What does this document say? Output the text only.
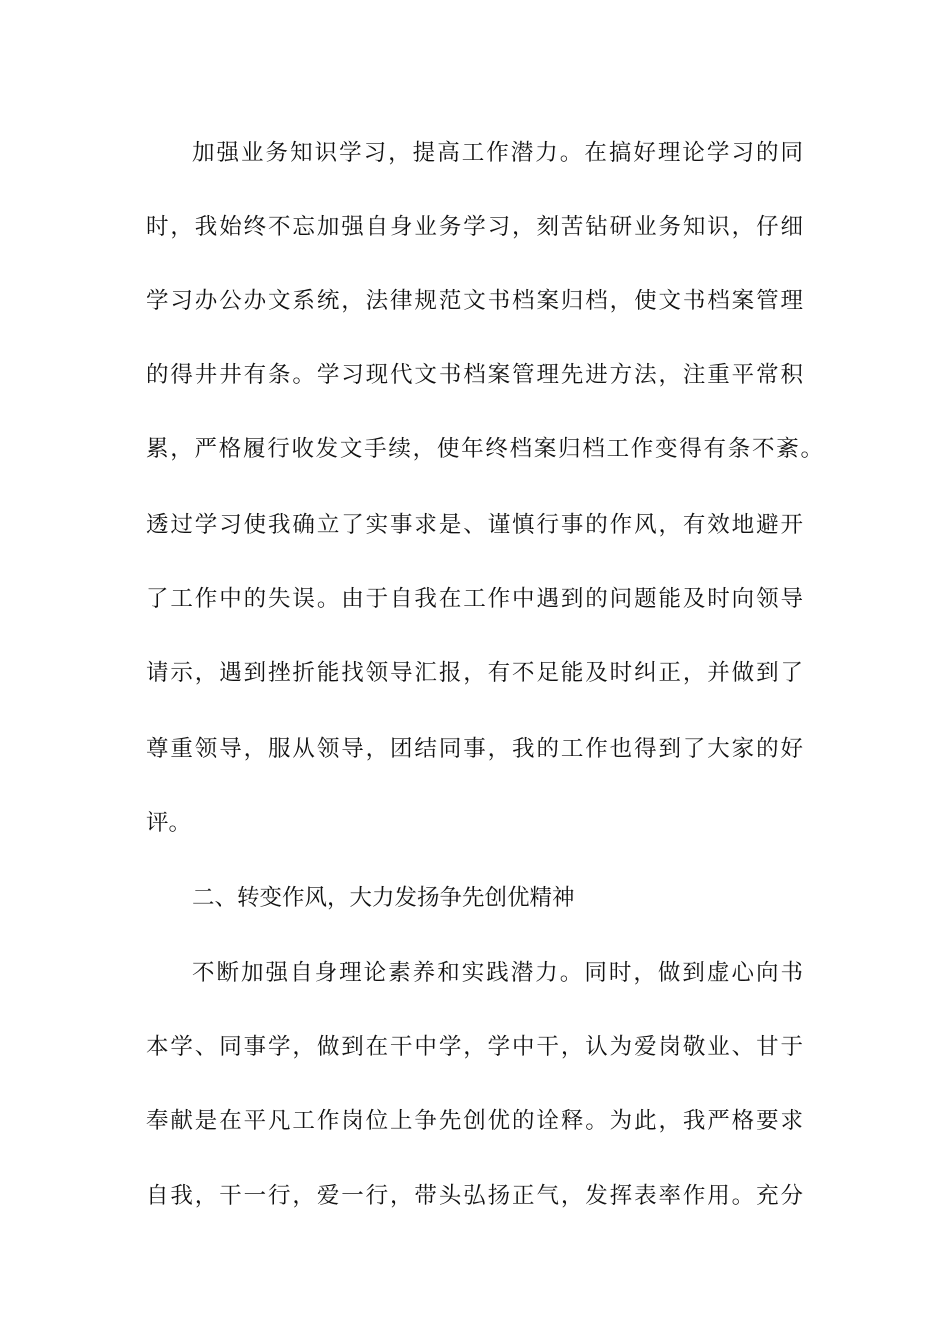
加强业务知识学习，提高工作潜力。在搞好理论学习的同
时，我始终不忘加强自身业务学习，刻苦钻研业务知识，仔细
学习办公办文系统，法律规范文书档案归档，使文书档案管理
的得井井有条。学习现代文书档案管理先进方法，注重平常积
累，严格履行收发文手续，使年终档案归档工作变得有条不紊。
透过学习使我确立了实事求是、谨慎行事的作风，有效地避开
了工作中的失误。由于自我在工作中遇到的问题能及时向领导
请示，遇到挫折能找领导汇报，有不足能及时纠正，并做到了
尊重领导，服从领导，团结同事，我的工作也得到了大家的好
评。
二、转变作风，大力发扬争先创优精神
不断加强自身理论素养和实践潜力。同时，做到虚心向书
本学、同事学，做到在干中学，学中干，认为爱岗敬业、甘于
奉献是在平凡工作岗位上争先创优的诠释。为此，我严格要求
自我，干一行，爱一行，带头弘扬正气，发挥表率作用。充分
